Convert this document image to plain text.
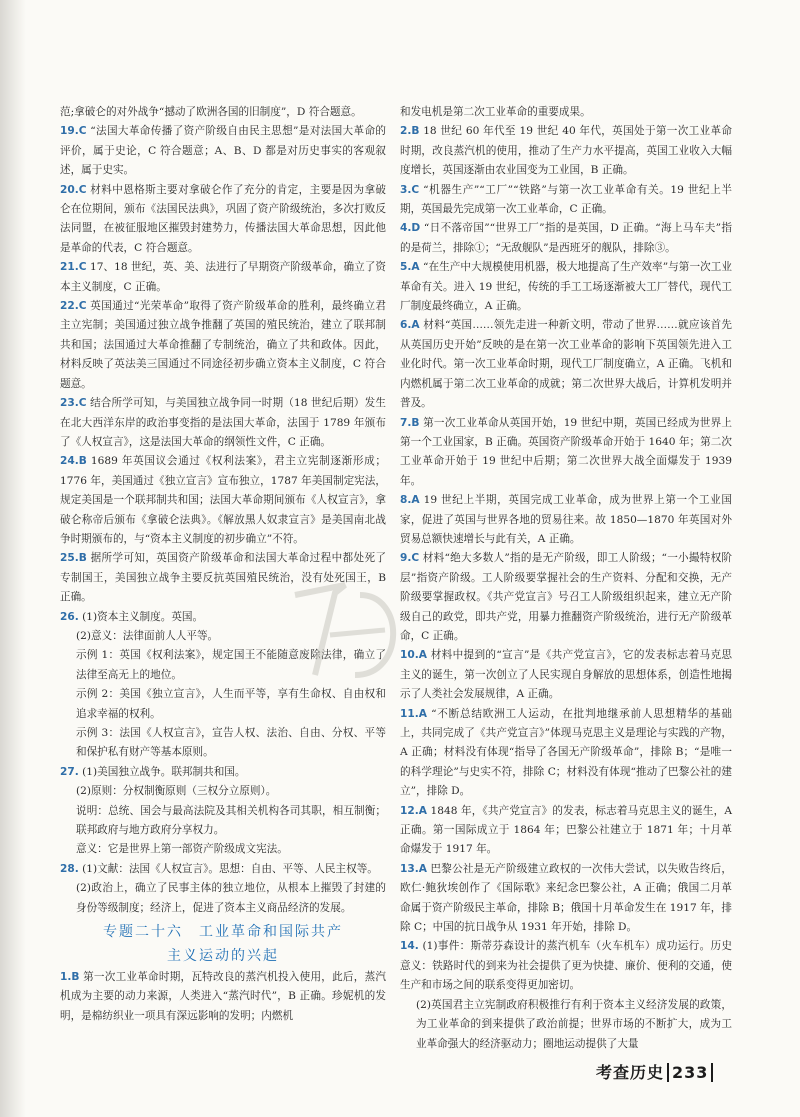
范;拿破仑的对外战争“撼动了欧洲各国的旧制度”，D 符合题意。
19.C “法国大革命传播了资产阶级自由民主思想”是对法国大革命的评价，属于史论，C 符合题意；A、B、D 都是对历史事实的客观叙述，属于史实。
20.C 材料中恩格斯主要对拿破仑作了充分的肯定，主要是因为拿破仑在位期间，颁布《法国民法典》，巩固了资产阶级统治，多次打败反法同盟，在被征服地区摧毁封建势力，传播法国大革命思想，因此他是革命的代表，C 符合题意。
21.C 17、18 世纪，英、美、法进行了早期资产阶级革命，确立了资本主义制度，C 正确。
22.C 英国通过“光荣革命”取得了资产阶级革命的胜利，最终确立君主立宪制；美国通过独立战争推翻了英国的殖民统治，建立了联邦制共和国；法国通过大革命推翻了专制统治，确立了共和政体。因此，材料反映了英法美三国通过不同途径初步确立资本主义制度，C 符合题意。
23.C 结合所学可知，与美国独立战争同一时期（18 世纪后期）发生在北大西洋东岸的政治事变指的是法国大革命，法国于 1789 年颁布了《人权宣言》，这是法国大革命的纲领性文件，C 正确。
24.B 1689 年英国议会通过《权利法案》，君主立宪制逐渐形成；1776 年，美国通过《独立宣言》宣布独立，1787 年美国制定宪法，规定美国是一个联邦制共和国；法国大革命期间颁布《人权宣言》，拿破仑称帝后颁布《拿破仑法典》。《解放黑人奴隶宣言》是美国南北战争时期颁布的，与“资本主义制度的初步确立”不符。
25.B 据所学可知，英国资产阶级革命和法国大革命过程中都处死了专制国王，美国独立战争主要反抗英国殖民统治，没有处死国王，B 正确。
26. (1)资本主义制度。英国。
(2)意义：法律面前人人平等。
示例 1：英国《权利法案》，规定国王不能随意废除法律，确立了法律至高无上的地位。
示例 2：美国《独立宣言》，人生而平等，享有生命权、自由权和追求幸福的权利。
示例 3：法国《人权宣言》，宣告人权、法治、自由、分权、平等和保护私有财产等基本原则。
27. (1)美国独立战争。联邦制共和国。
(2)原则：分权制衡原则（三权分立原则）。
说明：总统、国会与最高法院及其相关机构各司其职，相互制衡；联邦政府与地方政府分享权力。
意义：它是世界上第一部资产阶级成文宪法。
28. (1)文献：法国《人权宣言》。思想：自由、平等、人民主权等。
(2)政治上，确立了民事主体的独立地位，从根本上摧毁了封建的身份等级制度；经济上，促进了资本主义商品经济的发展。
专题二十六　工业革命和国际共产
主义运动的兴起
1.B 第一次工业革命时期，瓦特改良的蒸汽机投入使用，此后，蒸汽机成为主要的动力来源，人类进入“蒸汽时代”，B 正确。珍妮机的发明，是棉纺织业一项具有深远影响的发明；内燃机
和发电机是第二次工业革命的重要成果。
2.B 18 世纪 60 年代至 19 世纪 40 年代，英国处于第一次工业革命时期，改良蒸汽机的使用，推动了生产力水平提高，英国工业收入大幅度增长，英国逐渐由农业国变为工业国，B 正确。
3.C “机器生产”“工厂”“铁路”与第一次工业革命有关。19 世纪上半期，英国最先完成第一次工业革命，C 正确。
4.D “日不落帝国”“世界工厂”指的是英国，D 正确。“海上马车夫”指的是荷兰，排除①；“无敌舰队”是西班牙的舰队，排除③。
5.A “在生产中大规模使用机器，极大地提高了生产效率”与第一次工业革命有关。进入 19 世纪，传统的手工工场逐渐被大工厂替代，现代工厂制度最终确立，A 正确。
6.A 材料“英国……领先走进一种新文明，带动了世界……就应该首先从英国历史开始”反映的是在第一次工业革命的影响下英国领先进入工业化时代。第一次工业革命时期，现代工厂制度确立，A 正确。飞机和内燃机属于第二次工业革命的成就；第二次世界大战后，计算机发明并普及。
7.B 第一次工业革命从英国开始，19 世纪中期，英国已经成为世界上第一个工业国家，B 正确。英国资产阶级革命开始于 1640 年；第二次工业革命开始于 19 世纪中后期；第二次世界大战全面爆发于 1939 年。
8.A 19 世纪上半期，英国完成工业革命，成为世界上第一个工业国家，促进了英国与世界各地的贸易往来。故 1850—1870 年英国对外贸易总额快速增长与此有关，A 正确。
9.C 材料“绝大多数人”指的是无产阶级，即工人阶级；“一小撮特权阶层”指资产阶级。工人阶级要掌握社会的生产资料、分配和交换，无产阶级要掌握政权。《共产党宣言》号召工人阶级组织起来，建立无产阶级自己的政党，即共产党，用暴力推翻资产阶级统治，进行无产阶级革命，C 正确。
10.A 材料中提到的“宣言”是《共产党宣言》，它的发表标志着马克思主义的诞生，第一次创立了人民实现自身解放的思想体系，创造性地揭示了人类社会发展规律，A 正确。
11.A “不断总结欧洲工人运动，在批判地继承前人思想精华的基础上，共同完成了《共产党宣言》”体现马克思主义是理论与实践的产物，A 正确；材料没有体现“指导了各国无产阶级革命”，排除 B；“是唯一的科学理论”与史实不符，排除 C；材料没有体现“推动了巴黎公社的建立”，排除 D。
12.A 1848 年，《共产党宣言》的发表，标志着马克思主义的诞生，A 正确。第一国际成立于 1864 年；巴黎公社建立于 1871 年；十月革命爆发于 1917 年。
13.A 巴黎公社是无产阶级建立政权的一次伟大尝试，以失败告终后，欧仁·鲍狄埃创作了《国际歌》来纪念巴黎公社，A 正确；俄国二月革命属于资产阶级民主革命，排除 B；俄国十月革命发生在 1917 年，排除 C；中国的抗日战争从 1931 年开始，排除 D。
14. (1)事件：斯蒂芬森设计的蒸汽机车（火车机车）成功运行。历史意义：铁路时代的到来为社会提供了更为快捷、廉价、便利的交通，使生产和市场之间的联系变得更加密切。
(2)英国君主立宪制政府积极推行有利于资本主义经济发展的政策，为工业革命的到来提供了政治前提；世界市场的不断扩大，成为工业革命强大的经济驱动力；圈地运动提供了大量
考查历史 233
